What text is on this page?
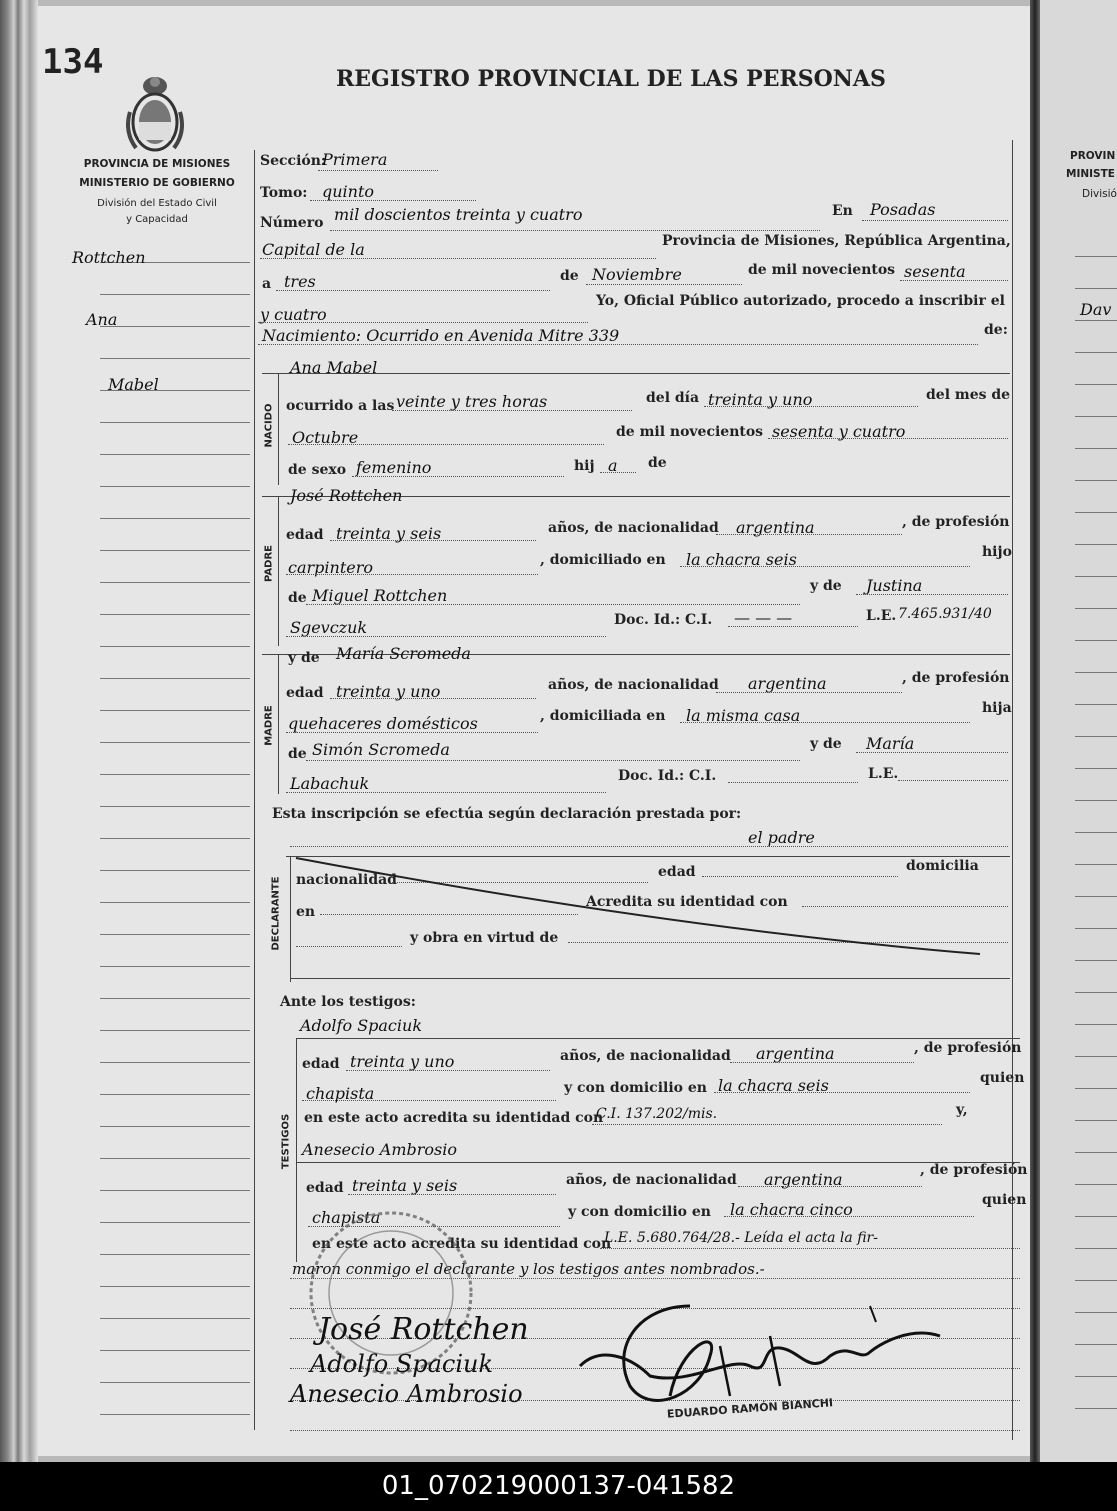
PROVIN
MINISTE
Divisió
Dav
134	REGISTRO PROVINCIAL DE LAS PERSONAS
PROVINCIA DE MISIONES
MINISTERIO DE GOBIERNO
División del Estado Civil
y Capacidad
Rottchen
Ana
Mabel
Sección:
Primera
Tomo: quinto
Número mil doscientos treinta y cuatro	En Posadas
Capital de la	Provincia de Misiones, República Argentina,
a tres	de Noviembre	de mil novecientos sesenta
y cuatro
Yo, Oficial Público autorizado, procedo a inscribir el
Nacimiento: Ocurrido en Avenida Mitre 339	de:
NACIDO
Ana Mabel
ocurrido a las veinte y tres horas	del día treinta y uno	del mes de
Octubre	de mil novecientos sesenta y cuatro
de sexo femenino	hij a de
PADRE
José Rottchen
edad treinta y seis	años, de nacionalidad argentina	, de profesión
carpintero	, domiciliado en la chacra seis	hijo
de Miguel Rottchen	y de Justina
Sgevczuk	Doc. Id.: C.I. — — —	L.E. 7.465.931/40
MADRE
y de María Scromeda
edad treinta y uno	años, de nacionalidad argentina	, de profesión
quehaceres domésticos	, domiciliada en la misma casa	hija
de Simón Scromeda	y de María
Labachuk	Doc. Id.: C.I.	L.E.
Esta inscripción se efectúa según declaración prestada por:
el padre
DECLARANTE nacionalidad	edad	domicilia
en
Acredita su identidad con
y obra en virtud de
Ante los testigos:
TESTIGOS
Adolfo Spaciuk
edad treinta y uno	años, de nacionalidad argentina	, de profesión
chapista	y con domicilio en la chacra seis	quien
en este acto acredita su identidad con
C.I. 137.202/mis.	y,
Anesecio Ambrosio
edad treinta y seis	años, de nacionalidad argentina	, de profesión
chapista	y con domicilio en la chacra cinco	quien
en este acto acredita su identidad con
L.E. 5.680.764/28.- Leída el acta la fir-
maron conmigo el declarante y los testigos antes nombrados.-
José Rottchen
Adolfo Spaciuk
Anesecio Ambrosio
EDUARDO RAMÓN BIANCHI
01_070219000137-041582
